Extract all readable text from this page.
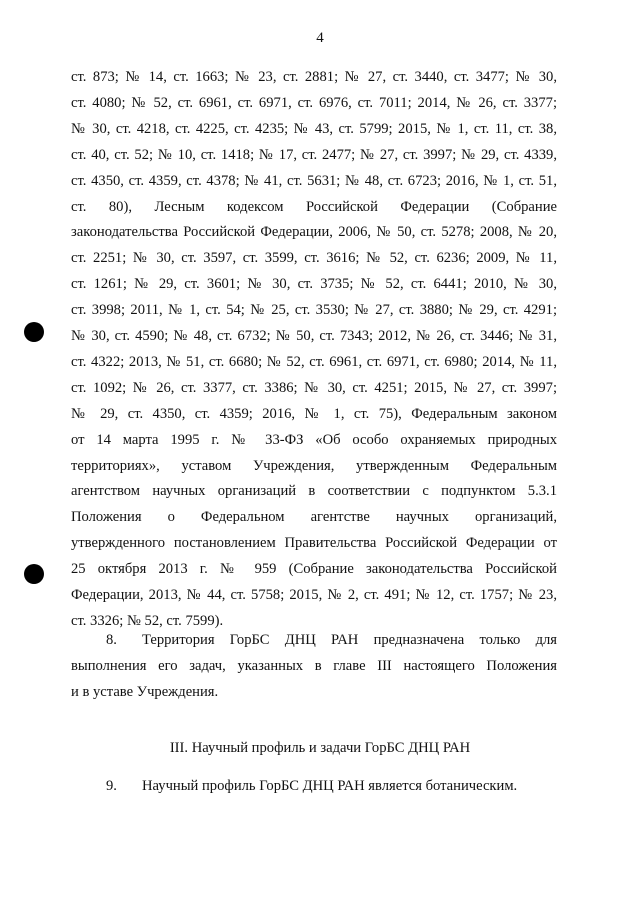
4
ст. 873; № 14, ст. 1663; № 23, ст. 2881; № 27, ст. 3440, ст. 3477; № 30,
ст. 4080; № 52, ст. 6961, ст. 6971, ст. 6976, ст. 7011; 2014, № 26, ст. 3377;
№ 30, ст. 4218, ст. 4225, ст. 4235; № 43, ст. 5799; 2015, № 1, ст. 11, ст. 38,
ст. 40, ст. 52; № 10, ст. 1418; № 17, ст. 2477; № 27, ст. 3997; № 29, ст. 4339,
ст. 4350, ст. 4359, ст. 4378; № 41, ст. 5631; № 48, ст. 6723; 2016, № 1, ст. 51,
ст. 80), Лесным кодексом Российской Федерации (Собрание
законодательства Российской Федерации, 2006, № 50, ст. 5278; 2008, № 20,
ст. 2251; № 30, ст. 3597, ст. 3599, ст. 3616; № 52, ст. 6236; 2009, № 11,
ст. 1261; № 29, ст. 3601; № 30, ст. 3735; № 52, ст. 6441; 2010, № 30,
ст. 3998; 2011, № 1, ст. 54; № 25, ст. 3530; № 27, ст. 3880; № 29, ст. 4291;
№ 30, ст. 4590; № 48, ст. 6732; № 50, ст. 7343; 2012, № 26, ст. 3446; № 31,
ст. 4322; 2013, № 51, ст. 6680; № 52, ст. 6961, ст. 6971, ст. 6980; 2014, № 11,
ст. 1092; № 26, ст. 3377, ст. 3386; № 30, ст. 4251; 2015, № 27, ст. 3997;
№ 29, ст. 4350, ст. 4359; 2016, № 1, ст. 75), Федеральным законом
от 14 марта 1995 г. № 33-ФЗ «Об особо охраняемых природных
территориях», уставом Учреждения, утвержденным Федеральным
агентством научных организаций в соответствии с подпунктом 5.3.1
Положения о Федеральном агентстве научных организаций,
утвержденного постановлением Правительства Российской Федерации от
25 октября 2013 г. № 959 (Собрание законодательства Российской
Федерации, 2013, № 44, ст. 5758; 2015, № 2, ст. 491; № 12, ст. 1757; № 23,
ст. 3326; № 52, ст. 7599).
8. Территория ГорБС ДНЦ РАН предназначена только для
выполнения его задач, указанных в главе III настоящего Положения
и в уставе Учреждения.
III. Научный профиль и задачи ГорБС ДНЦ РАН
9. Научный профиль ГорБС ДНЦ РАН является ботаническим.
